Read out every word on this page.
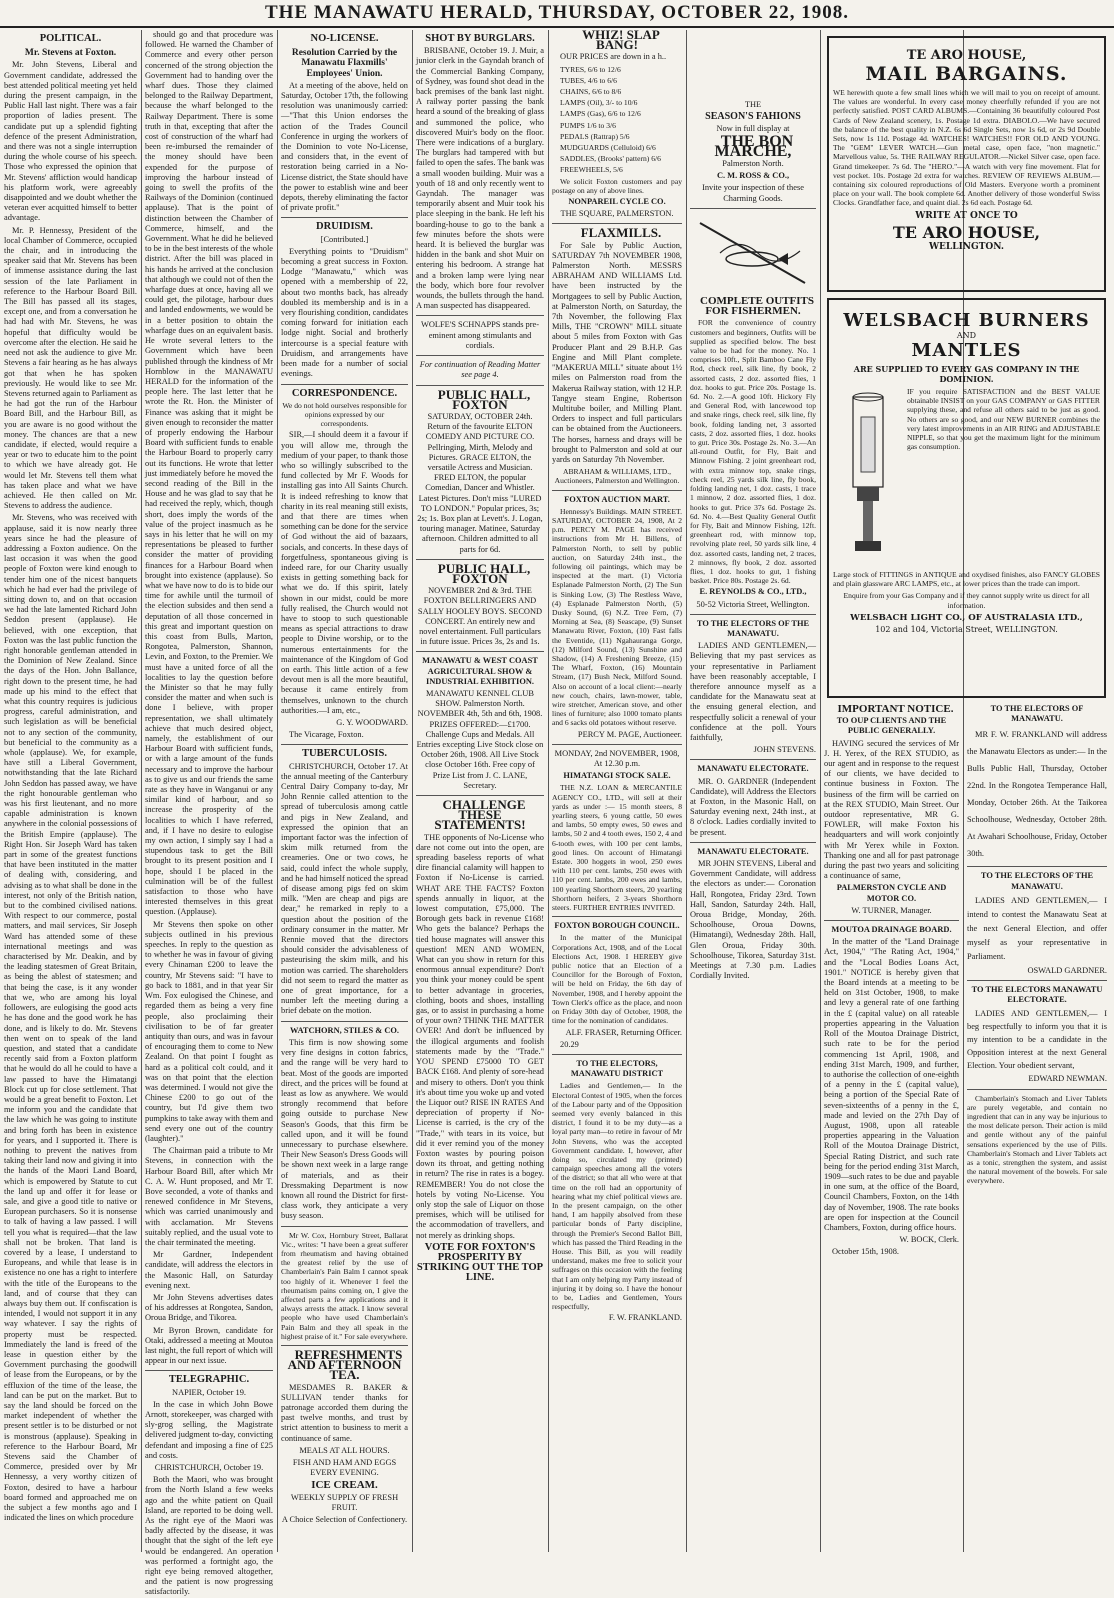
THE MANAWATU HERALD, THURSDAY, OCTOBER 22, 1908.
POLITICAL.
Mr. Stevens at Foxton.

Mr. John Stevens, Liberal and Government candidate, addressed the best attended political meeting yet held during the present campaign, in the Public Hall last night. There was a fair proportion of ladies present. The candidate put up a splendid fighting defence of the present Administration, and there was not a single interruption during the whole course of his speech. Those who expressed the opinion that Mr. Stevens' affliction would handicap his platform work, were agreeably disappointed and we doubt whether the veteran ever acquitted himself to better advantage.

Mr. P. Hennessy, President of the local Chamber of Commerce, occupied the chair, and in introducing the speaker said that Mr. Stevens has been of immense assistance during the last session of the late Parliament in reference to the Harbour Board Bill. The Bill has passed all its stages, except one, and from a conversation he had had with Mr. Stevens, he was hopeful that difficulty would be overcome after the election. He said he need not ask the audience to give Mr. Stevens a fair hearing as he has always got that when he has spoken previously. He would like to see Mr. Stevens returned again to Parliament as he had got the run of the Harbour Board Bill, and the Harbour Bill, as you are aware is no good without the money. The chances are that a new candidate, if elected, would require a year or two to educate him to the point to which we have already got. He would let Mr. Stevens tell them what has taken place and what we have achieved. He then called on Mr. Stevens to address the audience.

Mr. Stevens, who was received with applause, said it is now nearly three years since he had the pleasure of addressing a Foxton audience. On the last occasion it was when the good people of Foxton were kind enough to tender him one of the nicest banquets which he had ever had the privilege of sitting down to, and on that occasion we had the late lamented Richard John Seddon present (applause). He believed, with one exception, that Foxton was the last public function the right honorable gentleman attended in the Dominion of New Zealand. Since the days of the Hon. John Ballance, right down to the present time, he had made up his mind to the effect that what this country requires is judicious progress, careful administration, and such legislation as will be beneficial not to any section of the community, but beneficial to the community as a whole (applause). We, for example, have still a Liberal Government, notwithstanding that the late Richard John Seddon has passed away, we have the right honourable gentleman who was his first lieutenant, and no more capable administration is known anywhere in the colonial possessions of the British Empire (applause). The Right Hon. Sir Joseph Ward has taken part in some of the greatest functions that have been instituted in the matter of dealing with, considering, and advising as to what shall be done in the interest, not only of the British nation, but to the combined civilised nations. With respect to our commerce, postal matters, and mail services, Sir Joseph Ward has attended some of these international meetings and was characterised by Mr. Deakin, and by the leading statesmen of Great Britain, as being the ablest of statesmen; and that being the case, is it any wonder that we, who are among his loyal followers, are eulogising the good acts he has done and the good work he has done, and is likely to do. Mr. Stevens then went on to speak of the land question, and stated that a candidate recently said from a Foxton platform that he would do all he could to have a law passed to have the Himatangi Block cut up for close settlement. That would be a great benefit to Foxton. Let me inform you and the candidate that the law which he was going to institute and bring forth has been in existence for years, and I supported it. There is nothing to prevent the natives from taking their land now and giving it into the hands of the Maori Land Board, which is empowered by Statute to cut the land up and offer it for lease or sale, and give a good title to native or European purchasers. So it is nonsense to talk of having a law passed. I will tell you what is required—that the law shall not be broken. That land is covered by a lease, I understand to Europeans, and while that lease is in existence no one has a right to interfere with the title of the Europeans to the land, and of course that they can always buy them out. If confiscation is intended, I would not support it in any way whatever. I say the rights of property must be respected. Immediately the land is freed of the lease in question either by the Government purchasing the goodwill of lease from the Europeans, or by the effluxion of the time of the lease, the land can be put on the market. But to say the land should be forced on the market independent of whether the present settler is to be disturbed or not is monstrous (applause). Speaking in reference to the Harbour Board, Mr Stevens said the Chamber of Commerce, presided over by Mr Hennessy, a very worthy citizen of Foxton, desired to have a harbour board formed and approached me on the subject a few months ago and I indicated the lines on which procedure

should go and that procedure was followed. He warned the Chamber of Commerce and every other person concerned of the strong objection the Government had to handing over the wharf dues. Those they claimed belonged to the Railway Department, because the wharf belonged to the Railway Department. There is some truth in that, excepting that after the cost of construction of the wharf had been re-imbursed the remainder of the money should have been expended for the purpose of improving the harbour instead of going to swell the profits of the Railways of the Dominion (continued applause). That is the point of distinction between the Chamber of Commerce, himself, and the Government. What he did he believed to be in the best interests of the whole district. After the bill was placed in his hands he arrived at the conclusion that although we could not of then the wharfage dues at once, having all we could get, the pilotage, harbour dues and landed endowments, we would be in a better position to obtain the wharfage dues on an equivalent basis. He wrote several letters to the Government which have been published through the kindness of Mr Hornblow in the MANAWATU HERALD for the information of the people here. The last letter that he wrote the Rt. Hon. the Minister of Finance was asking that it might be given enough to reconsider the matter of properly endowing the Harbour Board with sufficient funds to enable the Harbour Board to properly carry out its functions. He wrote that letter just immediately before he moved the second reading of the Bill in the House and he was glad to say that he had received the reply, which, though short, does imply the words of the value of the project inasmuch as he says in his letter that he will on my representations be pleased to further consider the matter of providing finances for a Harbour Board when brought into existence (applause). So what we have now to do is to bide our time for awhile until the turmoil of the election subsides and then send a deputation of all those concerned in this great and important question on this coast from Bulls, Marton, Rongotea, Palmerston, Shannon, Levin, and Foxton, to the Premier. We must have a united force of all the localities to lay the question before the Minister so that he may fully consider the matter and when such is done I believe, with proper representation, we shall ultimately achieve that much desired object, namely, the establishment of our Harbour Board with sufficient funds, or with a large amount of the funds necessary and to improve the harbour as to give us and our friends the same rate as they have in Wanganui or any similar kind of harbour, and so increase the prosperity of the localities to which I have referred, and, if I have no desire to eulogise my own action, I simply say I had a stupendous task to get the Bill brought to its present position and I hope, should I be placed in the culmination will be of the fullest satisfaction to those who have interested themselves in this great question. (Applause).

Mr Stevens then spoke on other subjects outlined in his previous speeches. In reply to the question as to whether he was in favour of giving every Chinaman £200 to leave the country, Mr Stevens said: "I have to go back to 1881, and in that year Sir Wm. Fox eulogised the Chinese, and regarded them as being a very fine people, also proclaiming their civilisation to be of far greater antiquity than ours, and was in favour of encouraging them to come to New Zealand. On that point I fought as hard as a political colt could, and it was on that point that the election was determined. I would not give the Chinese £200 to go out of the country, but I'd give them two pumpkins to take away with them and send every one out of the country (laughter)."

The Chairman paid a tribute to Mr Stevens, in connection with the Harbour Board Bill, after which Mr C. A. W. Hunt proposed, and Mr T. Bove seconded, a vote of thanks and renewed confidence in Mr Stevens, which was carried unanimously and with acclamation. Mr Stevens suitably replied, and the usual vote to the chair terminated the meeting.

Mr Gardner, Independent candidate, will address the electors in the Masonic Hall, on Saturday evening next.

Mr John Stevens advertises dates of his addresses at Rongotea, Sandon, Oroua Bridge, and Tikorea.

Mr Byron Brown, candidate for Otaki, addressed a meeting at Moutoa last night, the full report of which will appear in our next issue.

TELEGRAPHIC.

NAPIER, October 19.

In the case in which John Bowe Arnott, storekeeper, was charged with sly-grog selling, the Magistrate delivered judgment to-day, convicting defendant and imposing a fine of £25 and costs.

CHRISTCHURCH, October 19.

Both the Maori, who was brought from the North Island a few weeks ago and the white patient on Quail Island, are reported to be doing well. As the right eye of the Maori was badly affected by the disease, it was thought that the sight of the left eye would be endangered. An operation was performed a fortnight ago, the right eye being removed altogether, and the patient is now progressing satisfactorily.

NO-LICENSE.
Resolution Carried by the Manawatu Flaxmills' Employees' Union.

At a meeting of the above, held on Saturday, October 17th, the following resolution was unanimously carried:—"That this Union endorses the action of the Trades Council Conference in urging the workers of the Dominion to vote No-License, and considers that, in the event of restoration being carried in a No-License district, the State should have the power to establish wine and beer depots, thereby eliminating the factor of private profit."

DRUIDISM.

[Contributed.]

Everything points to "Druidism" becoming a great success in Foxton. Lodge "Manawatu," which was opened with a membership of 22, about two months back, has already doubled its membership and is in a very flourishing condition, candidates coming forward for initiation each lodge night. Social and brotherly intercourse is a special feature with Druidism, and arrangements have been made for a number of social evenings.

CORRESPONDENCE.

We do not hold ourselves responsible for opinions expressed by our correspondents.

SIR,—I should deem it a favour if you will allow me, through the medium of your paper, to thank those who so willingly subscribed to the fund collected by Mr F. Woods for installing gas into All Saints Church. It is indeed refreshing to know that charity in its real meaning still exists, and that there are times when something can be done for the service of God without the aid of bazaars, socials, and concerts. In these days of forgetfulness, spontaneous giving is indeed rare, for our Charity usually exists in getting something back for what we do. If this spirit, lately shown in our midst, could be more fully realised, the Church would not have to stoop to such questionable means as special attractions to draw people to Divine worship, or to the numerous entertainments for the maintenance of the Kingdom of God on earth. This little action of a few devout men is all the more beautiful, because it came entirely from themselves, unknown to the church authorities.—I am, etc.,

G. Y. WOODWARD.

The Vicarage, Foxton.

TUBERCULOSIS.

CHRISTCHURCH, October 17. At the annual meeting of the Canterbury Central Dairy Company to-day, Mr John Rennie called attention to the spread of tuberculosis among cattle and pigs in New Zealand, and expressed the opinion that an important factor was the infection of skim milk returned from the creameries. One or two cows, he said, could infect the whole supply, and he had himself noticed the spread of disease among pigs fed on skim milk. "Men are cheap and pigs are dear," he remarked in reply to a question about the position of the ordinary consumer in the matter. Mr Rennie moved that the directors should consider the advisableness of pasteurising the skim milk, and his motion was carried. The shareholders did not seem to regard the matter as one of great importance, for a number left the meeting during a brief debate on the motion.

WATCHORN, STILES & CO.

This firm is now showing some very fine designs in cotton fabrics, and the range will be very hard to beat. Most of the goods are imported direct, and the prices will be found at least as low as anywhere. We would strongly recommend that before going outside to purchase New Season's Goods, that this firm be called upon, and it will be found unnecessary to purchase elsewhere. Their New Season's Dress Goods will be shown next week in a large range of materials, and as their Dressmaking Department is now known all round the District for first-class work, they anticipate a very busy season.

Mr W. Cox, Hornbury Street, Ballarat Vic., writes: "I have been a great sufferer from rheumatism and having obtained the greatest relief by the use of Chamberlain's Pain Balm I cannot speak too highly of it. Whenever I feel the rheumatism pains coming on, I give the affected parts a few applications and it always arrests the attack. I know several people who have used Chamberlain's Pain Balm and they all speak in the highest praise of it." For sale everywhere.

REFRESHMENTS AND AFTERNOON TEA.

MESDAMES R. BAKER & SULLIVAN tender thanks for patronage accorded them during the past twelve months, and trust by strict attention to business to merit a continuance of same.

MEALS AT ALL HOURS.

FISH AND HAM AND EGGS EVERY EVENING.

ICE CREAM.

WEEKLY SUPPLY OF FRESH FRUIT.

A Choice Selection of Confectionery.

SHOT BY BURGLARS.

BRISBANE, October 19. J. Muir, a junior clerk in the Gayndah branch of the Commercial Banking Company, of Sydney, was found shot dead in the back premises of the bank last night. A railway porter passing the bank heard a sound of the breaking of glass and summoned the police, who discovered Muir's body on the floor. There were indications of a burglary. The burglars had tampered with but failed to open the safes. The bank was a small wooden building. Muir was a youth of 18 and only recently went to Gayndah. The manager was temporarily absent and Muir took his place sleeping in the bank. He left his boarding-house to go to the bank a few minutes before the shots were heard. It is believed the burglar was hidden in the bank and shot Muir on entering his bedroom. A strange hat and a broken lamp were lying near the body, which bore four revolver wounds, the bullets through the hand. A man suspected has disappeared.

WOLFE'S SCHNAPPS stands pre-eminent among stimulants and cordials.

For continuation of Reading Matter see page 4.

PUBLIC HALL, FOXTON

SATURDAY, OCTOBER 24th. Return of the favourite ELTON COMEDY AND PICTURE CO. Pellringing, Mirth, Melody and Pictures. GRACE ELTON, the versatile Actress and Musician. FRED ELTON, the popular Comedian, Dancer and Whistler. Latest Pictures. Don't miss "LURED TO LONDON." Popular prices, 3s; 2s; 1s. Box plan at Levett's. J. Logan, touring manager. Matinee, Saturday afternoon. Children admitted to all parts for 6d.

PUBLIC HALL, FOXTON

NOVEMBER 2nd & 3rd. THE FOXTON BELLRINGERS AND SALLY HOOLEY BOYS. SECOND CONCERT. An entirely new and novel entertainment. Full particulars in future issue. Prices 3s, 2s and 1s.

MANAWATU & WEST COAST AGRICULTURAL SHOW & INDUSTRIAL EXHIBITION.

MANAWATU KENNEL CLUB SHOW. Palmerston North. NOVEMBER 4th, 5th and 6th, 1908. PRIZES OFFERED:—£1700. Challenge Cups and Medals. All Entries excepting Live Stock close on October 26th, 1908. All Live Stock close October 16th. Free copy of Prize List from J. C. LANE, Secretary.

CHALLENGE THESE STATEMENTS!

THE opponents of No-License who dare not come out into the open, are spreading baseless reports of what dire financial calamity will happen to Foxton if No-License is carried. WHAT ARE THE FACTS? Foxton spends annually in liquor, at the lowest computation, £75,000. The Borough gets back in revenue £168! Who gets the balance? Perhaps the tied house magnates will answer this question! MEN AND WOMEN, What can you show in return for this enormous annual expenditure? Don't you think your money could be spent to better advantage in groceries, clothing, boots and shoes, installing gas, or to assist in purchasing a home of your own? THINK THE MATTER OVER! And don't be influenced by the illogical arguments and foolish statements made by the "Trade." YOU SPEND £75000 TO GET BACK £168. And plenty of sore-head and misery to others. Don't you think it's about time you woke up and voted the Liquor out? RISE IN RATES And depreciation of property if No-License is carried, is the cry of the "Trade," with tears in its voice, but did it ever remind you of the money Foxton wastes by pouring poison down its throat, and getting nothing in return? The rise in rates is a bogey. REMEMBER! You do not close the hotels by voting No-License. You only stop the sale of Liquor on those premises, which will be utilised for the accommodation of travellers, and not merely as drinking shops.

VOTE FOR FOXTON'S PROSPERITY BY STRIKING OUT THE TOP LINE.

WHIZ! SLAP BANG!

OUR PRICES are down in a h..

TYRES, 6/6 to 12/6

TUBES, 4/6 to 6/6

CHAINS, 6/6 to 8/6

LAMPS (Oil), 3/- to 10/6

LAMPS (Gas), 6/6 to 12/6

PUMPS 1/6 to 3/6

PEDALS (Rattrap) 5/6

MUDGUARDS (Celluloid) 6/6

SADDLES, (Brooks' pattern) 6/6

FREEWHEELS, 5/6

We solicit Foxton customers and pay postage on any of above lines.

NONPAREIL CYCLE CO.

THE SQUARE, PALMERSTON.

FLAXMILLS.

For Sale by Public Auction, SATURDAY 7th NOVEMBER 1908, Palmerston North. MESSRS ABRAHAM AND WILLIAMS Ltd. have been instructed by the Mortgagees to sell by Public Auction, at Palmerston North, on Saturday, the 7th November, the following Flax Mills, THE "CROWN" MILL situate about 5 miles from Foxton with Gas Producer Plant and 29 B.H.P. Gas Engine and Mill Plant complete. "MAKERUA MILL" situate about 1½ miles on Palmerston road from the Makerua Railway station, with 12 H.P. Tangye steam Engine, Robertson Multitube boiler, and Milling Plant. Orders to inspect and full particulars can be obtained from the Auctioneers. The horses, harness and drays will be brought to Palmerston and sold at our yards on Saturday 7th November.

ABRAHAM & WILLIAMS, LTD., Auctioneers, Palmerston and Wellington.

FOXTON AUCTION MART.

Hennessy's Buildings. MAIN STREET. SATURDAY, OCTOBER 24, 1908, At 2 p.m. PERCY M. PAGE has received instructions from Mr H. Billens, of Palmerston North, to sell by public auction, on Saturday 24th inst., the following oil paintings, which may be inspected at the mart. (1) Victoria Esplanade Palmerston North, (2) The Sun is Sinking Low, (3) The Restless Wave, (4) Esplanade Palmerston North, (5) Dusky Sound, (6) N.Z. Tree Fern, (7) Morning at Sea, (8) Seascape, (9) Sunset Manawatu River, Foxton, (10) Fast falls the Eventide, (11) Ngahauranga Gorge, (12) Milford Sound, (13) Sunshine and Shadow, (14) A Freshening Breeze, (15) The Wharf, Foxton, (16) Mountain Stream, (17) Bush Neck, Milford Sound. Also on account of a local client:—nearly new couch, chairs, lawn-mower, table, wire stretcher, American stove, and other lines of furniture; also 1000 tomato plants and 6 sacks old potatoes without reserve.

PERCY M. PAGE, Auctioneer.

MONDAY, 2nd NOVEMBER, 1908, At 12.30 p.m.

HIMATANGI STOCK SALE.

THE N.Z. LOAN & MERCANTILE AGENCY CO., LTD., will sell at their yards as under :— 15 month steers, 8 yearling steers, 6 young cattle, 50 ewes and lambs, 50 empty ewes, 50 ewes and lambs, 50 2 and 4 tooth ewes, 150 2, 4 and 6-tooth ewes, with 100 per cent lambs, good lines. On account of Himatangi Estate. 300 hoggets in wool, 250 ewes with 110 per cent. lambs, 250 ewes with 110 per cent. lambs, 200 ewes and lambs, 100 yearling Shorthorn steers, 20 yearling Shorthorn heifers, 2 3-years Shorthorn steers. FURTHER ENTRIES INVITED.

FOXTON BOROUGH COUNCIL.

In the matter of the Municipal Corporations Act, 1908, and of the Local Elections Act, 1908. I HEREBY give public notice that an Election of a Councillor for the Borough of Foxton, will be held on Friday, the 6th day of November, 1908, and I hereby appoint the Town Clerk's office as the place, and noon on Friday 30th day of October, 1908, the time for the nomination of candidates.

ALF. FRASER, Returning Officer.

20.29

TO THE ELECTORS, MANAWATU DISTRICT

Ladies and Gentlemen,— In the Electoral Contest of 1905, when the forces of the Labour party and of the Opposition seemed very evenly balanced in this district, I found it to be my duty—as a loyal party man—to retire in favour of Mr John Stevens, who was the accepted Government candidate. I, however, after doing so, circulated my (printed) campaign speeches among all the voters of the district; so that all who were at that time on the roll had an opportunity of hearing what my chief political views are. In the present campaign, on the other hand, I am happily absolved from these particular bonds of Party discipline, through the Premier's Second Ballot Bill, which has passed the Third Reading in the House. This Bill, as you will readily understand, makes me free to solicit your suffrages on this occasion with the feeling that I am only helping my Party instead of injuring it by doing so. I have the honour to be, Ladies and Gentlemen, Yours respectfully,

F. W. FRANKLAND.

THE

SEASON'S FAHIONS

Now in full display at

THE BON MARCHE,

Palmerston North.

C. M. ROSS & CO.,

Invite your inspection of these Charming Goods.

COMPLETE OUTFITS FOR FISHERMEN.

FOR the convenience of country customers and beginners, Outfits will be supplied as specified below. The best value to be had for the money. No. 1 comprises 10ft., Split Bamboo Cane Fly Rod, check reel, silk line, fly book, 2 assorted casts, 2 doz. assorted flies, 1 doz. hooks to gut. Price 20s. Postage 1s. 6d. No. 2.—A good 10ft. Hickory Fly and General Rod, with lancewood top and snake rings, check reel, silk line, fly book, folding landing net, 3 assorted casts, 2 doz. assorted flies, 1 doz. hooks to gut. Price 30s. Postage 2s. No. 3.—An all-round Outfit, for Fly, Bait and Minnow Fishing. 2 joint greenheart rod, with extra minnow top, snake rings, check reel, 25 yards silk line, fly book, folding landing net, 1 doz. casts, 1 trace 1 minnow, 2 doz. assorted flies, 1 doz. hooks to gut. Price 37s 6d. Postage 2s. 6d. No. 4.—Best Quality General Outfit for Fly, Bait and Minnow Fishing, 12ft. greenheart rod, with minnow top, revolving plate reel, 50 yards silk line, 4 doz. assorted casts, landing net, 2 traces, 2 minnows, fly book, 2 doz. assorted flies, 1 doz. hooks to gut, 1 fishing basket. Price 80s. Postage 2s. 6d.

E. REYNOLDS & CO., LTD.,

50-52 Victoria Street, Wellington.

TO THE ELECTORS OF THE MANAWATU.

LADIES AND GENTLEMEN,— Believing that my past services as your representative in Parliament have been reasonably acceptable, I therefore announce myself as a candidate for the Manawatu seat at the ensuing general election, and respectfully solicit a renewal of your confidence at the poll. Yours faithfully,

JOHN STEVENS.

MANAWATU ELECTORATE.

MR. O. GARDNER (Independent Candidate), will Address the Electors at Foxton, in the Masonic Hall, on Saturday evening next, 24th inst., at 8 o'clock. Ladies cordially invited to be present.

MANAWATU ELECTORATE.

MR JOHN STEVENS, Liberal and Government Candidate, will address the electors as under:— Coronation Hall, Rongotea, Friday 23rd. Town Hall, Sandon, Saturday 24th. Hall, Oroua Bridge, Monday, 26th. Schoolhouse, Oroua Downs, (Himatangi), Wednesday 28th. Hall, Glen Oroua, Friday 30th. Schoolhouse, Tikorea, Saturday 31st. Meetings at 7.30 p.m. Ladies Cordially Invited.

TE ARO HOUSE,

MAIL BARGAINS.

WE herewith quote a few small lines which we will mail to you on receipt of amount. The values are wonderful. In every case money cheerfully refunded if you are not perfectly satisfied. POST CARD ALBUMS.—Containing 36 beautifully coloured Post Cards of New Zealand scenery, 1s. Postage 1d extra. DIABOLO.—We have secured the balance of the best quality in N.Z. 6s 6d Single Sets, now 1s 6d, or 2s 9d Double Sets, now 1s 11d. Postage 4d. WATCHES! WATCHES!! FOR OLD AND YOUNG. The "GEM" LEVER WATCH.—Gun metal case, open face, "non magnetic." Marvellous value, 5s. THE RAILWAY REGULATOR.—Nickel Silver case, open face. Grand timekeeper. 7s 6d. The "HERO."—A watch with very fine movement. Flat for vest pocket. 10s. Postage 2d extra for watches. REVIEW OF REVIEWS ALBUM.—containing six coloured reproductions of Old Masters. Everyone worth a prominent place on your wall. The book complete 6d. Another delivery of those wonderful Swiss Clocks. Grandfather face, and quaint dial. 2s 6d each. Postage 6d.

WRITE AT ONCE TO

TE ARO HOUSE,

WELLINGTON.

WELSBACH BURNERS

AND

MANTLES

ARE SUPPLIED TO EVERY GAS COMPANY IN THE DOMINION.

IF you require SATISFACTION and the BEST VALUE obtainable INSIST on your GAS COMPANY or GAS FITTER supplying these, and refuse all others said to be just as good. No others are so good, and our NEW BURNER combines the very latest improvements in an AIR RING and ADJUSTABLE NIPPLE, so that you get the maximum light for the minimum gas consumption.

Large stock of FITTINGS in ANTIQUE and oxydised finishes, also FANCY GLOBES and plain glassware ARC LAMPS, etc., at lower prices than the trade can import.

Enquire from your Gas Company and if they cannot supply write us direct for all information.

WELSBACH LIGHT CO., OF AUSTRALASIA LTD.,

102 and 104, Victoria Street, WELLINGTON.

IMPORTANT NOTICE.

TO OUP CLIENTS AND THE PUBLIC GENERALLY.

HAVING secured the services of Mr J. H. Yerex, of the REX STUDIO, as our agent and in response to the request of our clients, we have decided to continue business in Foxton. The business of the firm will be carried on at the REX STUDIO, Main Street. Our outdoor representative, MR G. FOWLER, will make Foxton his headquarters and will work conjointly with Mr Yerex while in Foxton. Thanking one and all for past patronage during the past two years and soliciting a continuance of same,

PALMERSTON CYCLE AND MOTOR CO.

W. TURNER, Manager.

MOUTOA DRAINAGE BOARD.

In the matter of the "Land Drainage Act, 1904," "The Rating Act, 1904," and the "Local Bodies Loans Act, 1901." NOTICE is hereby given that the Board intends at a meeting to be held on 31st October, 1908, to make and levy a general rate of one farthing in the £ (capital value) on all rateable properties appearing in the Valuation Roll of the Moutoa Drainage District, such rate to be for the period commencing 1st April, 1908, and ending 31st March, 1909, and further, to authorise the collection of one-eighth of a penny in the £ (capital value), being a portion of the Special Rate of seven-sixteenths of a penny in the £, made and levied on the 27th Day of August, 1908, upon all rateable properties appearing in the Valuation Roll of the Moutoa Drainage District, Special Rating District, and such rate being for the period ending 31st March, 1909—such rates to be due and payable in one sum, at the office of the Board, Council Chambers, Foxton, on the 14th day of November, 1908. The rate books are open for inspection at the Council Chambers, Foxton, during office hours.

W. BOCK, Clerk.

October 15th, 1908.

TO THE ELECTORS OF MANAWATU.

MR F. W. FRANKLAND will address the Manawatu Electors as under:— In the Bulls Public Hall, Thursday, October 22nd. In the Rongotea Temperance Hall, Monday, October 26th. At the Taikorea Schoolhouse, Wednesday, October 28th. At Awahari Schoolhouse, Friday, October 30th.

TO THE ELECTORS OF THE MANAWATU.

LADIES AND GENTLEMEN,— I intend to contest the Manawatu Seat at the next General Election, and offer myself as your representative in Parliament.

OSWALD GARDNER.

TO THE ELECTORS MANAWATU ELECTORATE.

LADIES AND GENTLEMEN,— I beg respectfully to inform you that it is my intention to be a candidate in the Opposition interest at the next General Election. Your obedient servant,

EDWARD NEWMAN.

Chamberlain's Stomach and Liver Tablets are purely vegetable, and contain no ingredient that can in any way be injurious to the most delicate person. Their action is mild and gentle without any of the painful sensations experienced by the use of Pills. Chamberlain's Stomach and Liver Tablets act as a tonic, strengthen the system, and assist the natural movement of the bowels. For sale everywhere.
